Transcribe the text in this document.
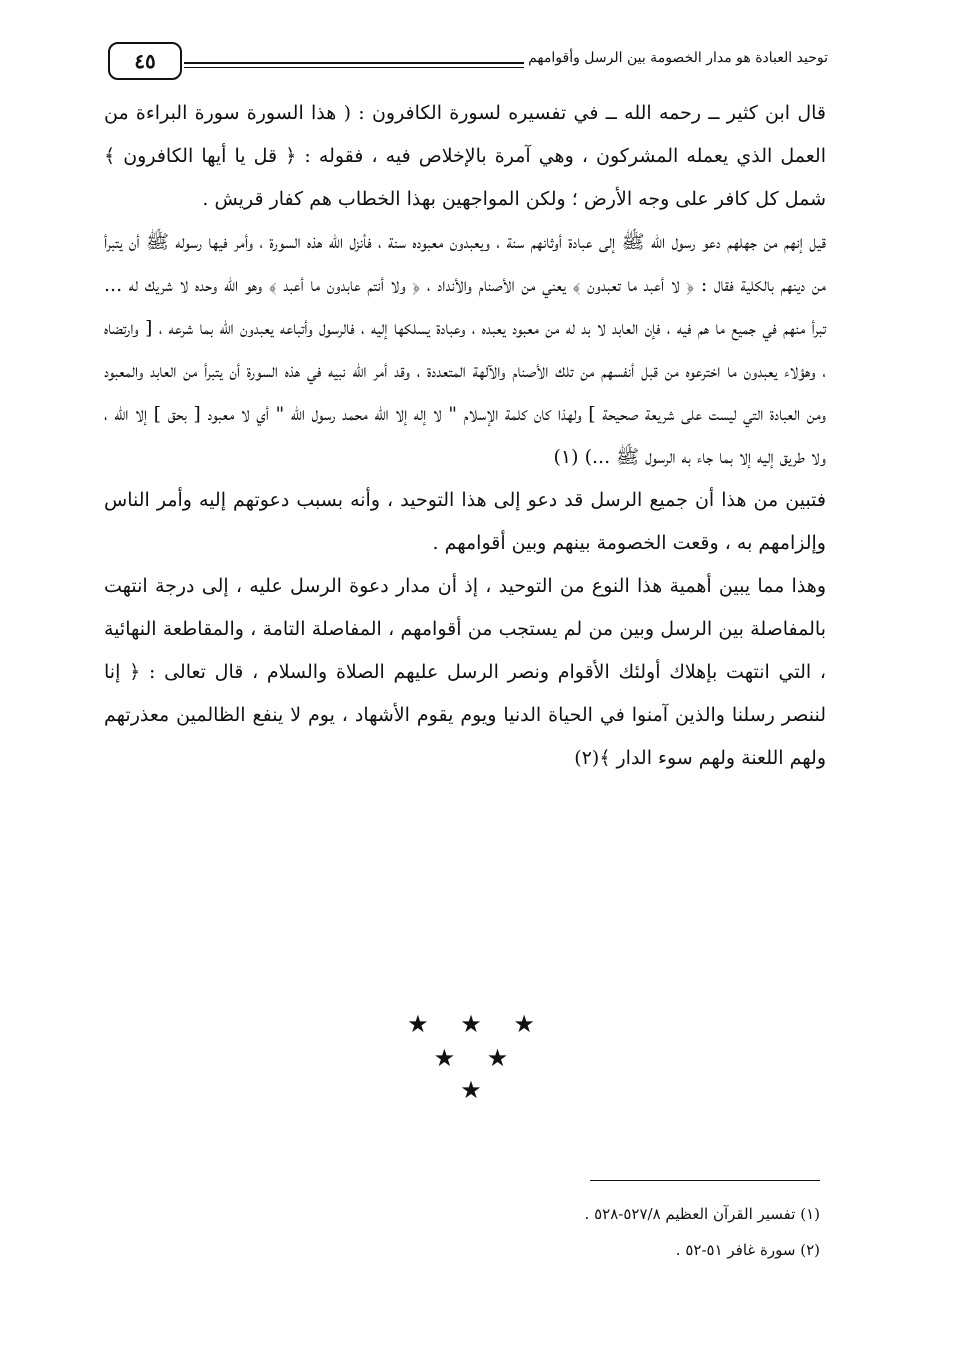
٤٥	توحيد العبادة هو مدار الخصومة بين الرسل وأقوامهم

قال ابن كثير ــ رحمه الله ــ في تفسيره لسورة الكافرون : ( هذا السورة سورة البراءة من العمل الذي يعمله المشركون ، وهي آمرة بالإخلاص فيه ، فقوله : ﴿ قل يا أيها الكافرون ﴾ شمل كل كافر على وجه الأرض ؛ ولكن المواجهين بهذا الخطاب هم كفار قريش .

قيل إنهم من جهلهم دعو رسول الله ﷺ إلى عبادة أوثانهم سنة ، ويعبدون معبوده سنة ، فأنزل الله هذه السورة ، وأمر فيها رسوله ﷺ أن يتبرأ من دينهم بالكلية فقال : ﴿ لا أعبد ما تعبدون ﴾ يعني من الأصنام والأنداد ، ﴿ ولا أنتم عابدون ما أعبد ﴾ وهو الله وحده لا شريك له ... تبرأ منهم في جميع ما هم فيه ، فإن العابد لا بد له من معبود يعبده ، وعبادة يسلكها إليه ، فالرسول وأتباعه يعبدون الله بما شرعه ، [ وارتضاه ، وهؤلاء يعبدون ما اخترعوه من قبل أنفسهم من تلك الأصنام والآلهة المتعددة ، وقد أمر الله نبيه في هذه السورة أن يتبرأ من العابد والمعبود ومن العبادة التي ليست على شريعة صحيحة ] ولهذا كان كلمة الإسلام " لا إله إلا الله محمد رسول الله " أي لا معبود [ بحق ] إلا الله ، ولا طريق إليه إلا بما جاء به الرسول ﷺ ...) (١)

فتبين من هذا أن جميع الرسل قد دعو إلى هذا التوحيد ، وأنه بسبب دعوتهم إليه وأمر الناس وإلزامهم به ، وقعت الخصومة بينهم وبين أقوامهم .

وهذا مما يبين أهمية هذا النوع من التوحيد ، إذ أن مدار دعوة الرسل عليه ، إلى درجة انتهت بالمفاصلة بين الرسل وبين من لم يستجب من أقوامهم ، المفاصلة التامة ، والمقاطعة النهائية ، التي انتهت بإهلاك أولئك الأقوام ونصر الرسل عليهم الصلاة والسلام ، قال تعالى : ﴿ إنا لننصر رسلنا والذين آمنوا في الحياة الدنيا ويوم يقوم الأشهاد ، يوم لا ينفع الظالمين معذرتهم ولهم اللعنة ولهم سوء الدار ﴾(٢)

★ ★ ★
★ ★
★
(١) تفسير القرآن العظيم ٥٢٧/٨-٥٢٨ .
(٢) سورة غافر ٥١-٥٢ .
